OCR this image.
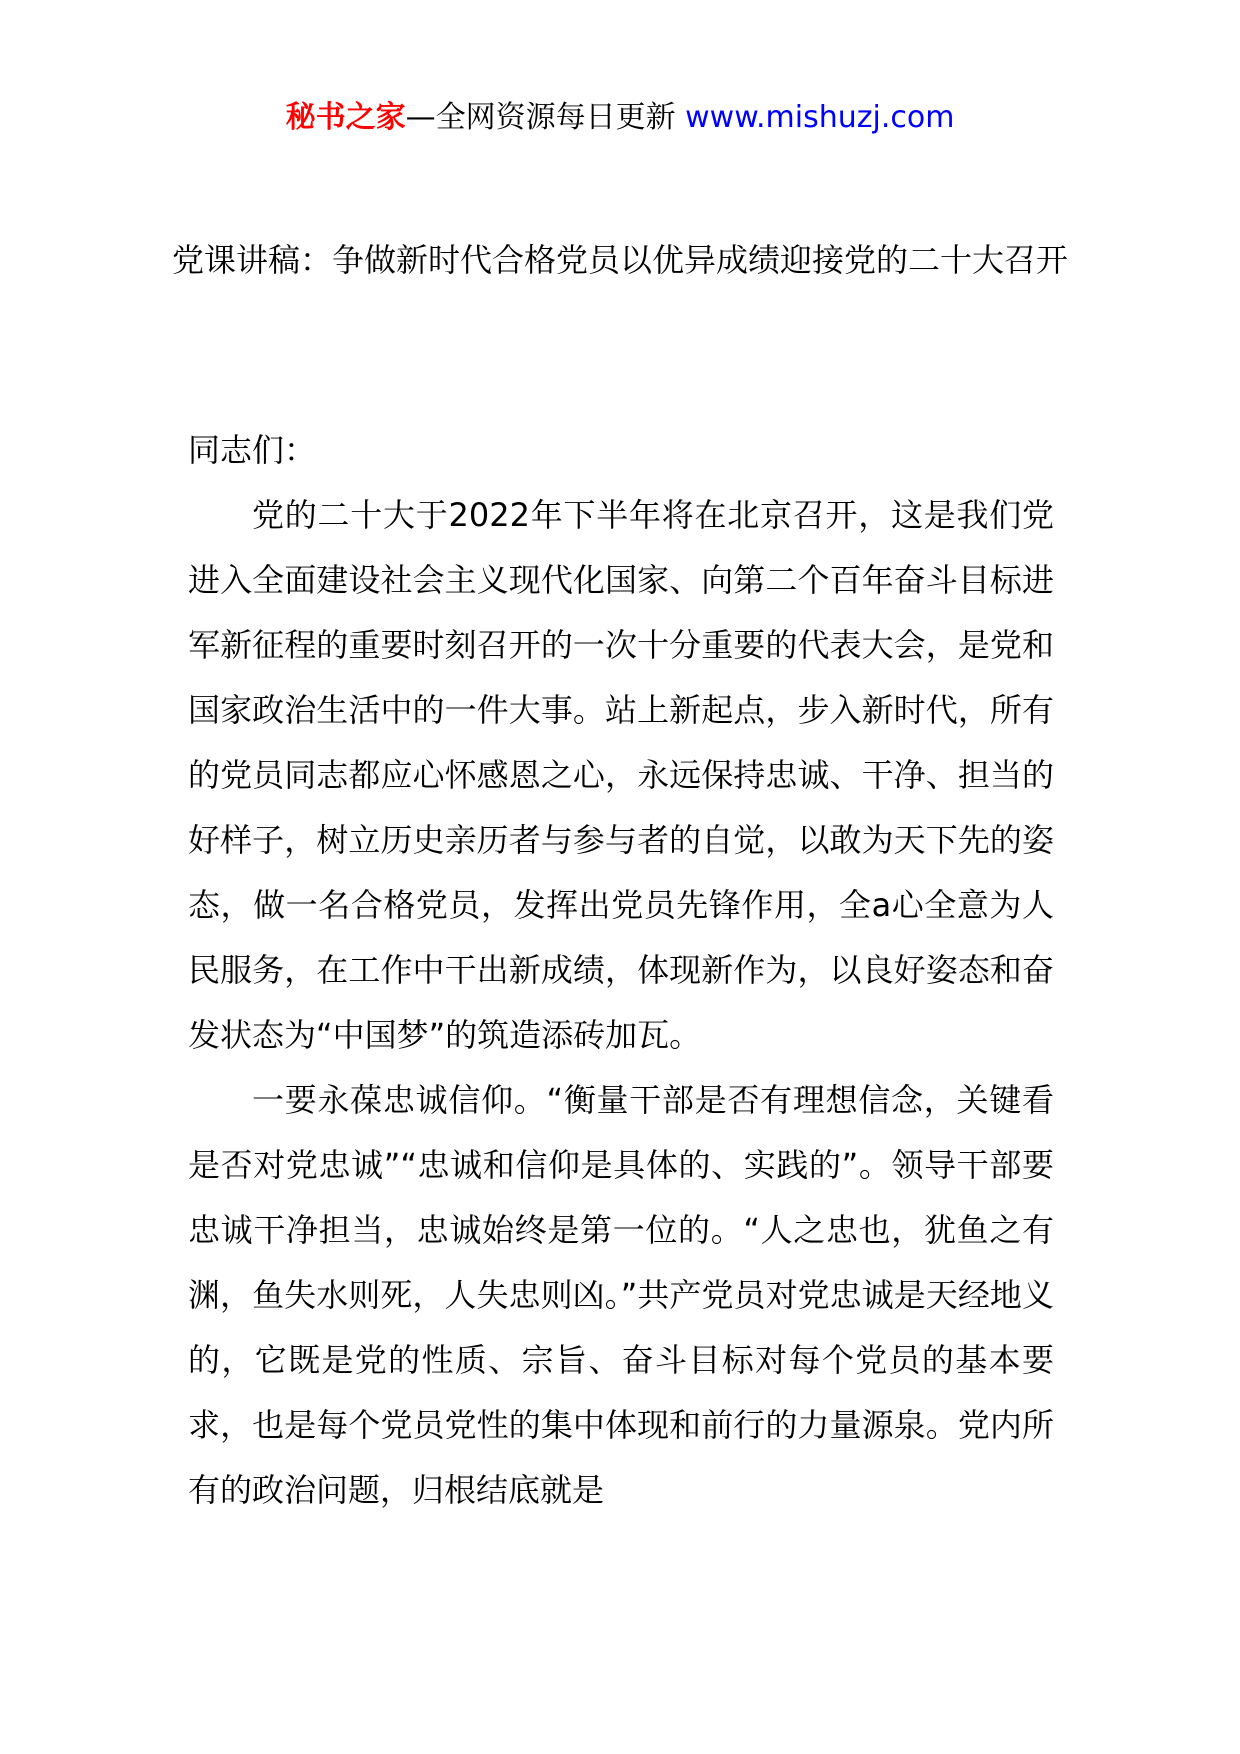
秘书之家—全网资源每日更新 www.mishuzj.com
党课讲稿：争做新时代合格党员以优异成绩迎接党的二十大召开

同志们：

党的二十大于2022年下半年将在北京召开，这是我们党进入全面建设社会主义现代化国家、向第二个百年奋斗目标进军新征程的重要时刻召开的一次十分重要的代表大会，是党和国家政治生活中的一件大事。站上新起点，步入新时代，所有的党员同志都应心怀感恩之心，永远保持忠诚、干净、担当的好样子，树立历史亲历者与参与者的自觉，以敢为天下先的姿态，做一名合格党员，发挥出党员先锋作用，全a心全意为人民服务，在工作中干出新成绩，体现新作为，以良好姿态和奋发状态为“中国梦”的筑造添砖加瓦。

一要永葆忠诚信仰。“衡量干部是否有理想信念，关键看是否对党忠诚”“忠诚和信仰是具体的、实践的”。领导干部要忠诚干净担当，忠诚始终是第一位的。“人之忠也，犹鱼之有渊，鱼失水则死，人失忠则凶。”共产党员对党忠诚是天经地义的，它既是党的性质、宗旨、奋斗目标对每个党员的基本要求，也是每个党员党性的集中体现和前行的力量源泉。党内所有的政治问题，归根结底就是
